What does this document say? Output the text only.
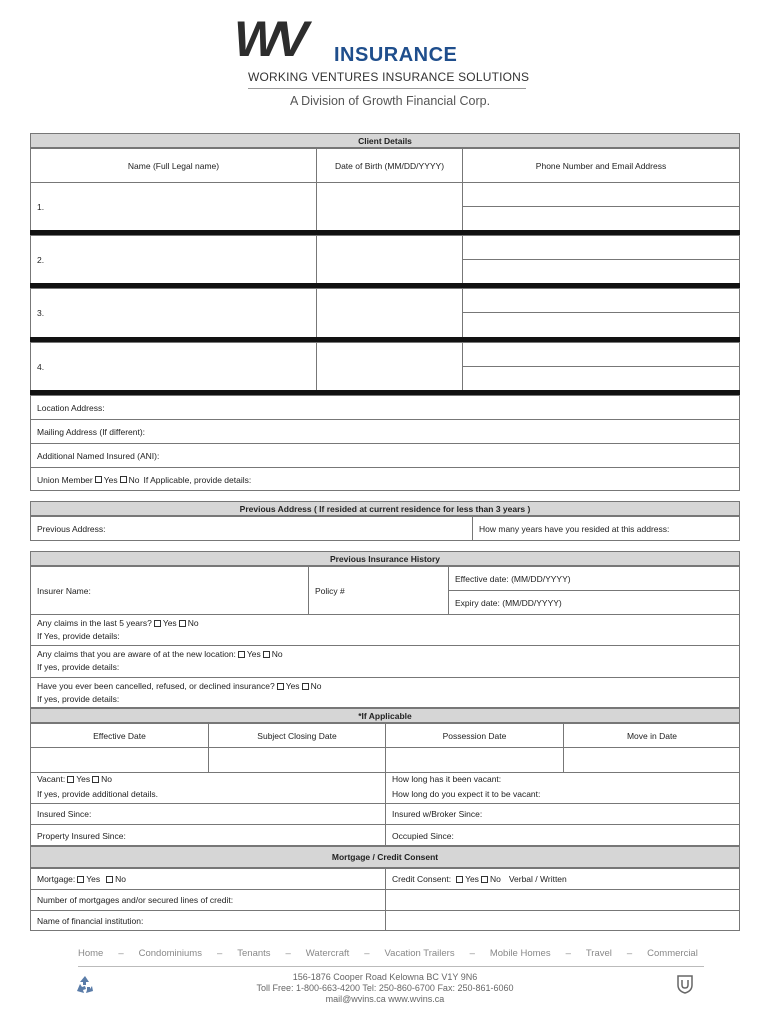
WV INSURANCE
WORKING VENTURES INSURANCE SOLUTIONS
A Division of Growth Financial Corp.
Client Details
Name (Full Legal name)	Date of Birth (MM/DD/YYYY)	Phone Number and Email Address
1.
2.
3.
4.
Location Address:
Mailing Address (If different):
Additional Named Insured (ANI):
Union Member Yes No If Applicable, provide details:
Previous Address ( If resided at current residence for less than 3 years )
Previous Address:	How many years have you resided at this address:
Previous Insurance History
Insurer Name:	Policy #
Effective date: (MM/DD/YYYY)
Expiry date: (MM/DD/YYYY)
Any claims in the last 5 years? Yes No
If Yes, provide details:
Any claims that you are aware of at the new location: Yes No
If yes, provide details:
Have you ever been cancelled, refused, or declined insurance? Yes No
If yes, provide details:
*If Applicable
Effective Date	Subject Closing Date	Possession Date	Move in Date
Vacant: Yes No
If yes, provide additional details.
How long has it been vacant:
How long do you expect it to be vacant:
Insured Since:	Insured w/Broker Since:
Property Insured Since:	Occupied Since:
Mortgage / Credit Consent
Mortgage: Yes No	Credit Consent: Yes No Verbal / Written
Number of mortgages and/or secured lines of credit:
Name of financial institution:
Home – Condominiums – Tenants – Watercraft – Vacation Trailers – Mobile Homes – Travel – Commercial
156-1876 Cooper Road Kelowna BC V1Y 9N6
Toll Free: 1-800-663-4200 Tel: 250-860-6700 Fax: 250-861-6060
mail@wvins.ca www.wvins.ca
